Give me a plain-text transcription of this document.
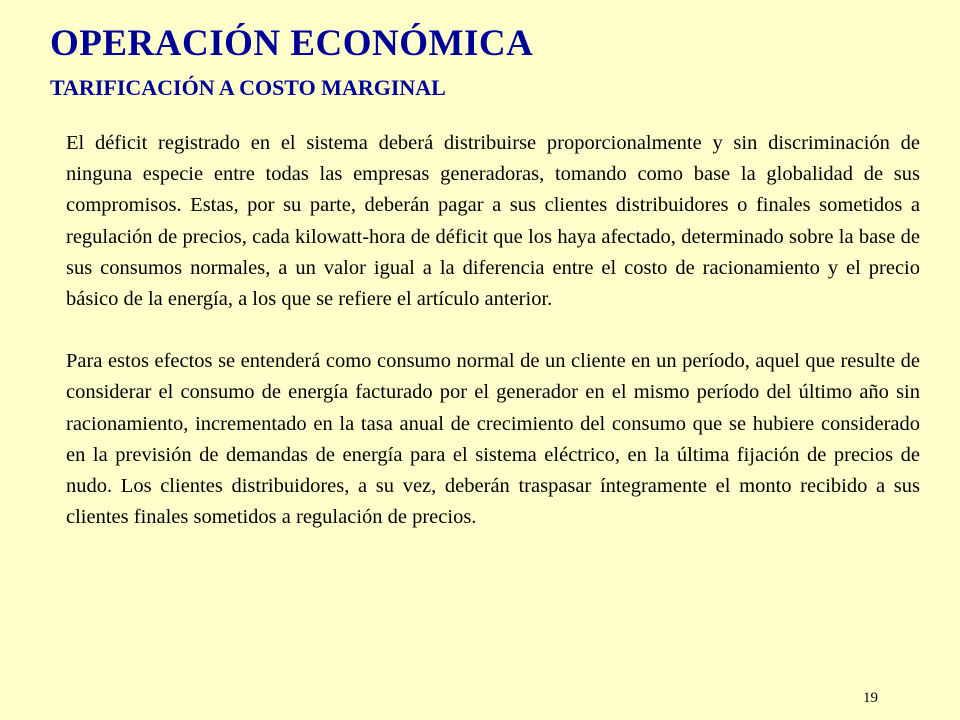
OPERACIÓN ECONÓMICA
TARIFICACIÓN A COSTO MARGINAL

El déficit registrado en el sistema deberá distribuirse proporcionalmente y sin discriminación de ninguna especie entre todas las empresas generadoras, tomando como base la globalidad de sus compromisos. Estas, por su parte, deberán pagar a sus clientes distribuidores o finales sometidos a regulación de precios, cada kilowatt-hora de déficit que los haya afectado, determinado sobre la base de sus consumos normales, a un valor igual a la diferencia entre el costo de racionamiento y el precio básico de la energía, a los que se refiere el artículo anterior.

Para estos efectos se entenderá como consumo normal de un cliente en un período, aquel que resulte de considerar el consumo de energía facturado por el generador en el mismo período del último año sin racionamiento, incrementado en la tasa anual de crecimiento del consumo que se hubiere considerado en la previsión de demandas de energía para el sistema eléctrico, en la última fijación de precios de nudo. Los clientes distribuidores, a su vez, deberán traspasar íntegramente el monto recibido a sus clientes finales sometidos a regulación de precios.

19
